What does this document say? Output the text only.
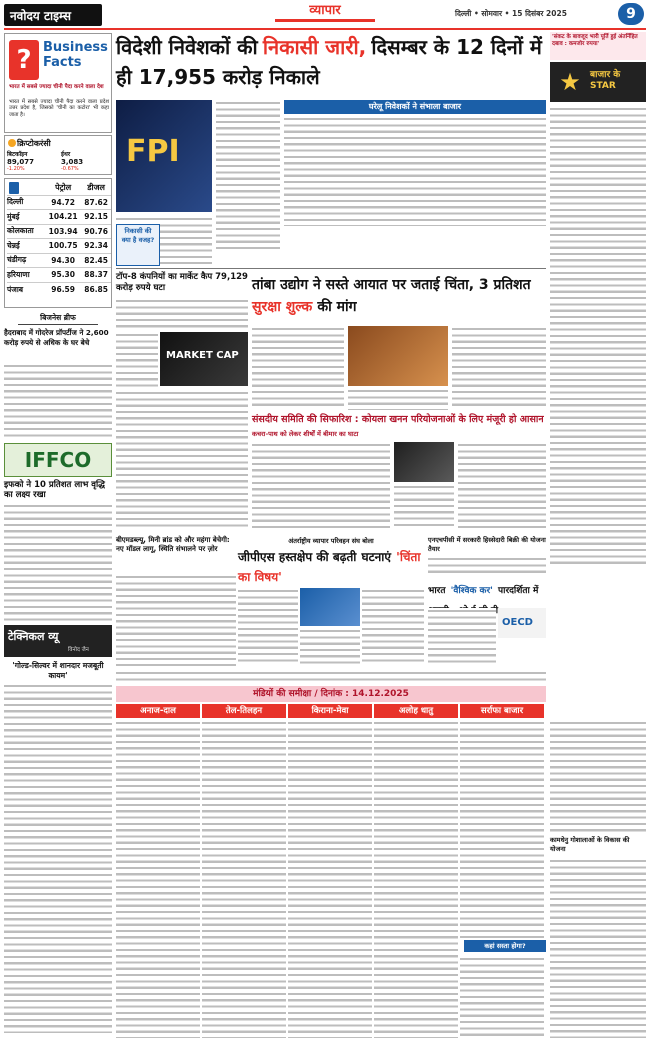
नवोदय टाइम्स	व्यापार	दिल्ली • सोमवार • 15 दिसंबर 2025	9
? Business Facts
भारत में सबसे ज्यादा चीनी पैदा करने वाला देश
भारत में सबसे ज्यादा चीनी पैदा करने वाला प्रदेश उत्तर प्रदेश है, जिसको 'चीनी का कटोरा' भी कहा जाता है।
क्रिप्टोकरंसी
बिटकॉइन
89,077
-1.20%
ईथर
3,083
-0.67%
	पेट्रोल	डीजल
दिल्ली	94.72	87.62
मुंबई	104.21	92.15
कोलकाता	103.94	90.76
चेन्नई	100.75	92.34
चंडीगढ़	94.30	82.45
हरियाणा	95.30	88.37
पंजाब	96.59	86.85
बिजनेस ब्रीफ
हैदराबाद में गोदरेज प्रॉपर्टीज ने 2,600 करोड़ रुपये से अधिक के घर बेचे
IFFCO
इफको ने 10 प्रतिशत लाभ वृद्धि का लक्ष्य रखा
टेक्निकल व्यू
विनोद जैन
'गोल्ड-सिल्वर में शानदार मजबूती कायम'
विदेशी निवेशकों की निकासी जारी, दिसम्बर के 12 दिनों में ही 17,955 करोड़ निकाले
FPI
निकासी की क्या है वजह?
घरेलू निवेशकों ने संभाला बाजार
'संकट के बावजूद भारी पूर्ति हुई अंतर्निहित दबाव : कमजोर रुपया'
बाजार के STAR
★
कामधेनु गोशालाओं के विकास की योजना
टॉप-8 कंपनियों का मार्केट कैप 79,129 करोड़ रुपये घटा
MARKET CAP
तांबा उद्योग ने सस्ते आयात पर जताई चिंता, 3 प्रतिशत सुरक्षा शुल्क की मांग
संसदीय समिति की सिफारिश : कोयला खनन परियोजनाओं के लिए मंजूरी हो आसान
कचरा-पाथ को लेकर शीर्षों में बीमार का घाटा
बीएमडब्ल्यू, मिनी ब्रांड को और महंगा बेचेगी: नए मॉडल लागू, स्थिति संभालने पर ज़ोर
अंतर्राष्ट्रीय व्यापार परिवहन संघ बोला
जीपीएस हस्तक्षेप की बढ़ती घटनाएं 'चिंता का विषय'
एनएचपीसी में सरकारी हिस्सेदारी बिक्री की योजना तैयार
भारत 'वैश्विक कर' पारदर्शिता में
OECD
मंडियों की समीक्षा / दिनांक : 14.12.2025
अनाज-दाल	तेल-तिलहन	किराना-मेवा	अलोह धातु	सर्राफा बाजार
कहां सस्ता होगा?
